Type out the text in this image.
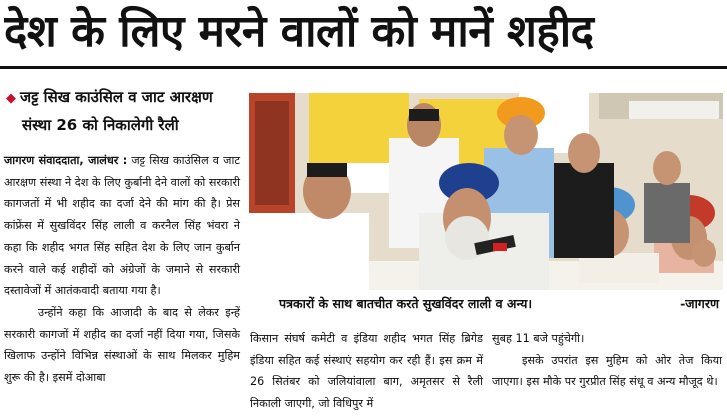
देश के लिए मरने वालों को मानें शहीद
◆ जट्ट सिख काउंसिल व जाट आरक्षण
संस्था 26 को निकालेगी रैली

जागरण संवाददाता, जालंधर : जट्ट सिख काउंसिल व जाट आरक्षण संस्था ने देश के लिए कुर्बानी देने वालों को सरकारी कागजतों में भी शहीद का दर्जा देने की मांग की है। प्रेस कांफ्रेंस में सुखविंदर सिंह लाली व करनैल सिंह भंवरा ने कहा कि शहीद भगत सिंह सहित देश के लिए जान कुर्बान करने वाले कई शहीदों को अंग्रेजों के जमाने से सरकारी दस्तावेजों में आतंकवादी बताया गया है।

उन्होंने कहा कि आजादी के बाद से लेकर इन्हें सरकारी कागजों में शहीद का दर्जा नहीं दिया गया, जिसके खिलाफ उन्होंने विभिन्न संस्थाओं के साथ मिलकर मुहिम शुरू की है। इसमें दोआबा

पत्रकारों के साथ बातचीत करते सुखविंदर लाली व अन्य।	-जागरण

किसान संघर्ष कमेटी व इंडिया शहीद भगत सिंह ब्रिगेड इंडिया सहित कई संस्थाएं सहयोग कर रही हैं। इस क्रम में 26 सितंबर को जलियांवाला बाग, अमृतसर से रैली निकाली जाएगी, जो विधिपुर में

सुबह 11 बजे पहुंचेगी।

इसके उपरांत इस मुहिम को ओर तेज किया जाएगा। इस मौके पर गुरप्रीत सिंह संधू व अन्य मौजूद थे।
